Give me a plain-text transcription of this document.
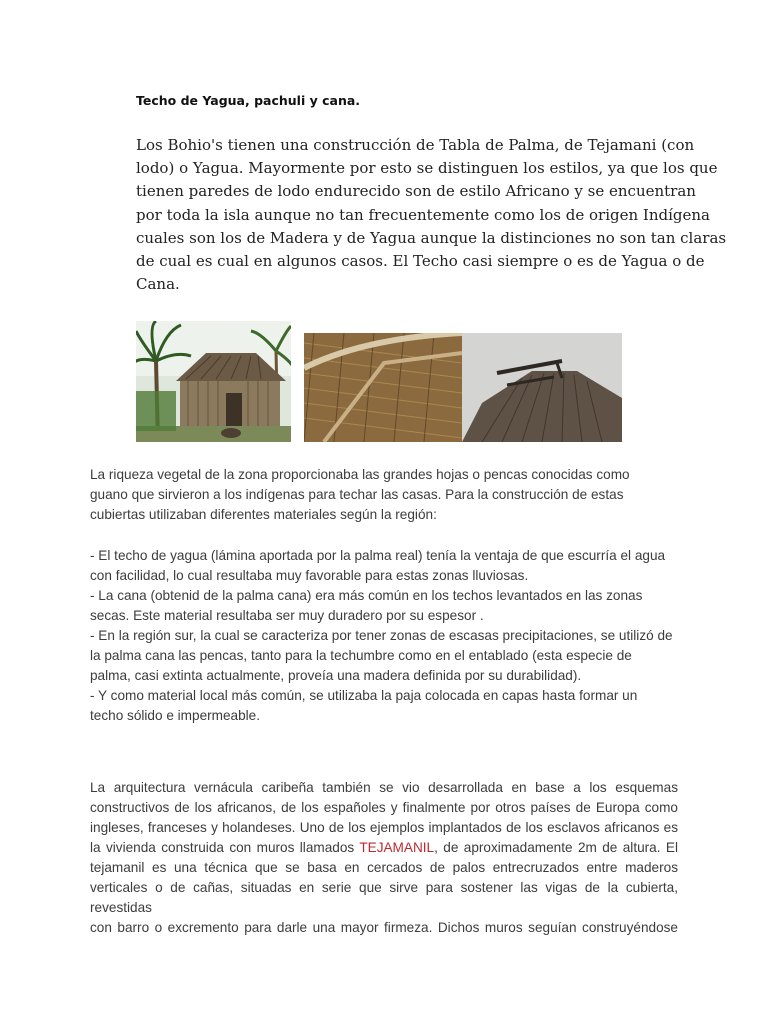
Techo de Yagua, pachuli y cana.

Los Bohio's tienen una construcción de Tabla de Palma, de Tejamani (con
lodo) o Yagua. Mayormente por esto se distinguen los estilos, ya que los que
tienen paredes de lodo endurecido son de estilo Africano y se encuentran
por toda la isla aunque no tan frecuentemente como los de origen Indígena
cuales son los de Madera y de Yagua aunque la distinciones no son tan claras
de cual es cual en algunos casos. El Techo casi siempre o es de Yagua o de
Cana.

La riqueza vegetal de la zona proporcionaba las grandes hojas o pencas conocidas como
guano que sirvieron a los indígenas para techar las casas. Para la construcción de estas
cubiertas utilizaban diferentes materiales según la región:

- El techo de yagua (lámina aportada por la palma real) tenía la ventaja de que escurría el agua
con facilidad, lo cual resultaba muy favorable para estas zonas lluviosas.
- La cana (obtenid de la palma cana) era más común en los techos levantados en las zonas
secas. Este material resultaba ser muy duradero por su espesor .
- En la región sur, la cual se caracteriza por tener zonas de escasas precipitaciones, se utilizó de
la palma cana las pencas, tanto para la techumbre como en el entablado (esta especie de
palma, casi extinta actualmente, proveía una madera definida por su durabilidad).
- Y como material local más común, se utilizaba la paja colocada en capas hasta formar un
techo sólido e impermeable.

La arquitectura vernácula caribeña también se vio desarrollada en base a los esquemas
constructivos de los africanos, de los españoles y finalmente por otros países de Europa como
ingleses, franceses y holandeses. Uno de los ejemplos implantados de los esclavos africanos es
la vivienda construida con muros llamados TEJAMANIL, de aproximadamente 2m de altura. El
tejamanil es una técnica que se basa en cercados de palos entrecruzados entre maderos
verticales o de cañas, situadas en serie que sirve para sostener las vigas de la cubierta, revestidas
con barro o excremento para darle una mayor firmeza. Dichos muros seguían construyéndose
